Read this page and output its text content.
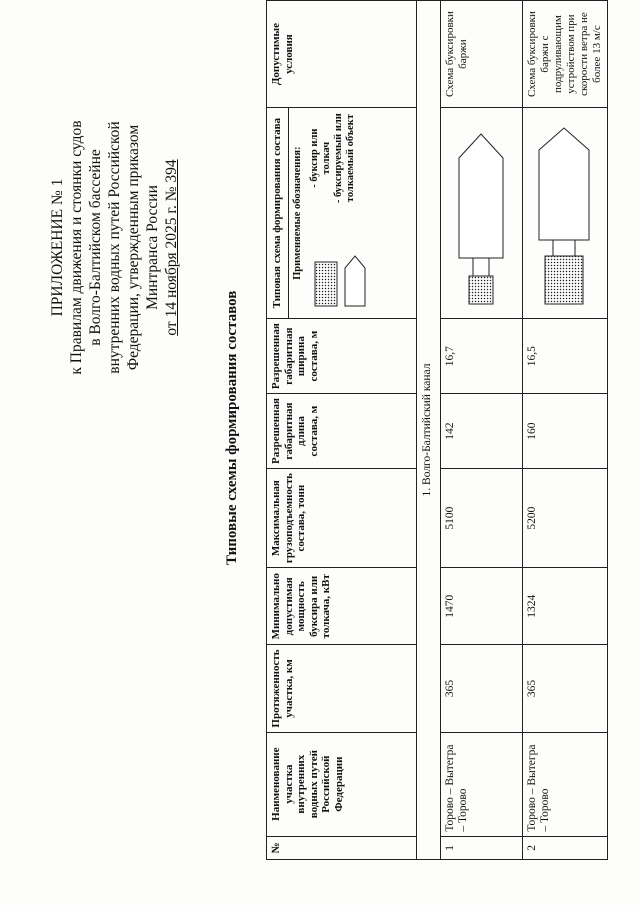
ПРИЛОЖЕНИЕ № 1 к Правилам движения и стоянки судов в Волго-Балтийском бассейне внутренних водных путей Российской Федерации, утвержденным приказом Минтранса России от 14 ноября 2025 г. № 394
Типовые схемы формирования составов
№	Наименование участка внутренних водных путей Российской Федерации	Протяженность участка, км	Минимально допустимая мощность буксира или толкача, кВт	Максимальная грузоподъемность состава, тонн	Разрешенная габаритная длина состава, м	Разрешенная габаритная ширина состава, м	Типовая схема формирования состава Применяемые обозначения: - буксир или толкач - буксируемый или толкаемый объект	Допустимые условия
1. Волго-Балтийский канал								
1	Торово – Вытегра – Торово	365	1470	5100	142	16,7		Схема буксировки баржи
2	Торово – Вытегра – Торово	365	1324	5200	160	16,5		Схема буксировки баржи с подруливающим устройством при скорости ветра не более 13 м/с
